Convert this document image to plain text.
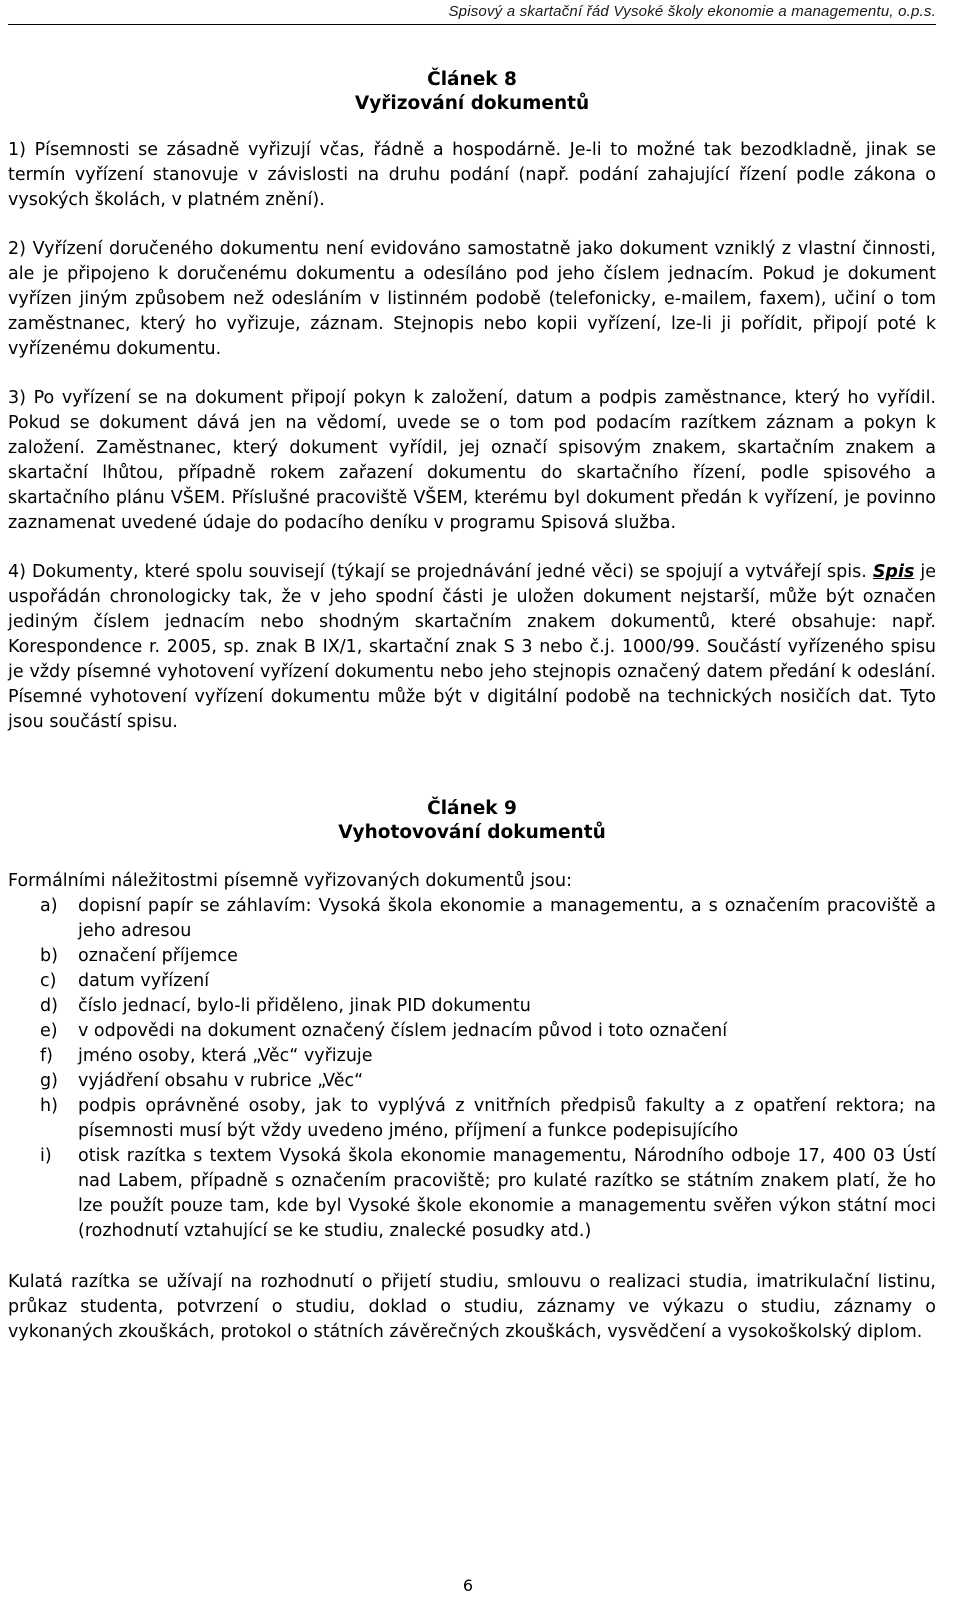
Spisový a skartační řád Vysoké školy ekonomie a managementu, o.p.s.
Článek 8
Vyřizování dokumentů

1) Písemnosti se zásadně vyřizují včas, řádně a hospodárně. Je-li to možné tak bezodkladně, jinak se termín vyřízení stanovuje v závislosti na druhu podání (např. podání zahajující řízení podle zákona o vysokých školách, v platném znění).

2) Vyřízení doručeného dokumentu není evidováno samostatně jako dokument vzniklý z vlastní činnosti, ale je připojeno k doručenému dokumentu a odesíláno pod jeho číslem jednacím. Pokud je dokument vyřízen jiným způsobem než odesláním v listinném podobě (telefonicky, e-mailem, faxem), učiní o tom zaměstnanec, který ho vyřizuje, záznam. Stejnopis nebo kopii vyřízení, lze-li ji pořídit, připojí poté k vyřízenému dokumentu.

3) Po vyřízení se na dokument připojí pokyn k založení, datum a podpis zaměstnance, který ho vyřídil. Pokud se dokument dává jen na vědomí, uvede se o tom pod podacím razítkem záznam a pokyn k založení. Zaměstnanec, který dokument vyřídil, jej označí spisovým znakem, skartačním znakem a skartační lhůtou, případně rokem zařazení dokumentu do skartačního řízení, podle spisového a skartačního plánu VŠEM. Příslušné pracoviště VŠEM, kterému byl dokument předán k vyřízení, je povinno zaznamenat uvedené údaje do podacího deníku v programu Spisová služba.

4) Dokumenty, které spolu souvisejí (týkají se projednávání jedné věci) se spojují a vytvářejí spis. Spis je uspořádán chronologicky tak, že v jeho spodní části je uložen dokument nejstarší, může být označen jediným číslem jednacím nebo shodným skartačním znakem dokumentů, které obsahuje: např. Korespondence r. 2005, sp. znak B IX/1, skartační znak S 3 nebo č.j. 1000/99. Součástí vyřízeného spisu je vždy písemné vyhotovení vyřízení dokumentu nebo jeho stejnopis označený datem předání k odeslání. Písemné vyhotovení vyřízení dokumentu může být v digitální podobě na technických nosičích dat. Tyto jsou součástí spisu.

Článek 9
Vyhotovování dokumentů

Formálními náležitostmi písemně vyřizovaných dokumentů jsou:

a)	dopisní papír se záhlavím: Vysoká škola ekonomie a managementu, a s označením pracoviště a jeho adresou
b)	označení příjemce
c)	datum vyřízení
d)	číslo jednací, bylo-li přiděleno, jinak PID dokumentu
e)	v odpovědi na dokument označený číslem jednacím původ i toto označení
f)	jméno osoby, která „Věc“ vyřizuje
g)	vyjádření obsahu v rubrice „Věc“
h)	podpis oprávněné osoby, jak to vyplývá z vnitřních předpisů fakulty a z opatření rektora; na písemnosti musí být vždy uvedeno jméno, příjmení a funkce podepisujícího
i)	otisk razítka s textem Vysoká škola ekonomie managementu, Národního odboje 17, 400 03 Ústí nad Labem, případně s označením pracoviště; pro kulaté razítko se státním znakem platí, že ho lze použít pouze tam, kde byl Vysoké škole ekonomie a managementu svěřen výkon státní moci (rozhodnutí vztahující se ke studiu, znalecké posudky atd.)

Kulatá razítka se užívají na rozhodnutí o přijetí studiu, smlouvu o realizaci studia, imatrikulační listinu, průkaz studenta, potvrzení o studiu, doklad o studiu, záznamy ve výkazu o studiu, záznamy o vykonaných zkouškách, protokol o státních závěrečných zkouškách, vysvědčení a vysokoškolský diplom.

6
